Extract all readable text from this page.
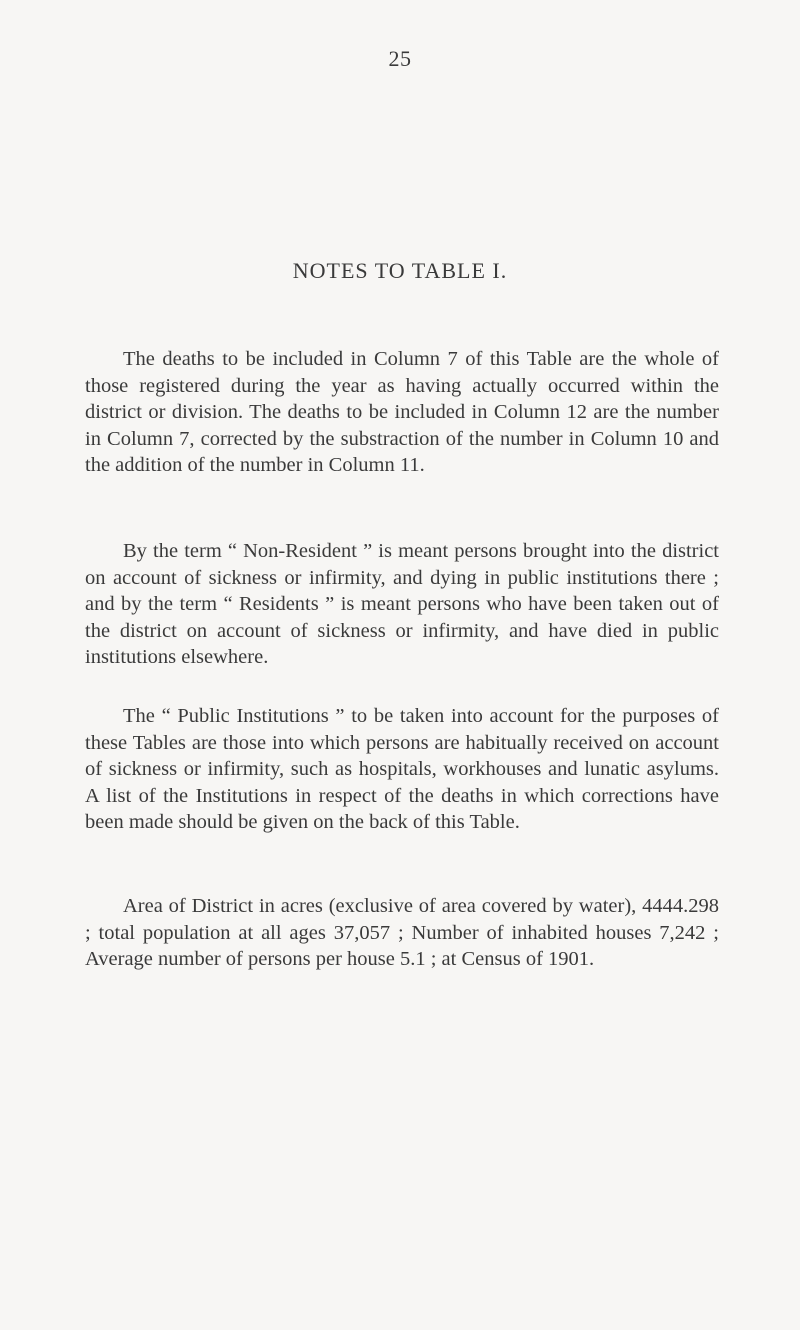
25
NOTES TO TABLE I.

The deaths to be included in Column 7 of this Table are the whole of those registered during the year as having actually occurred within the district or division. The deaths to be included in Column 12 are the number in Column 7, corrected by the substraction of the number in Column 10 and the addition of the number in Column 11.

By the term “ Non-Resident ” is meant persons brought into the district on account of sickness or infirmity, and dying in public institutions there ; and by the term “ Residents ” is meant persons who have been taken out of the district on account of sickness or infirmity, and have died in public institutions elsewhere.

The “ Public Institutions ” to be taken into account for the purposes of these Tables are those into which persons are habitually received on account of sickness or infirmity, such as hospitals, workhouses and lunatic asylums. A list of the Institutions in respect of the deaths in which corrections have been made should be given on the back of this Table.

Area of District in acres (exclusive of area covered by water), 4444.298 ; total population at all ages 37,057 ; Number of inhabited houses 7,242 ; Average number of persons per house 5.1 ; at Census of 1901.
